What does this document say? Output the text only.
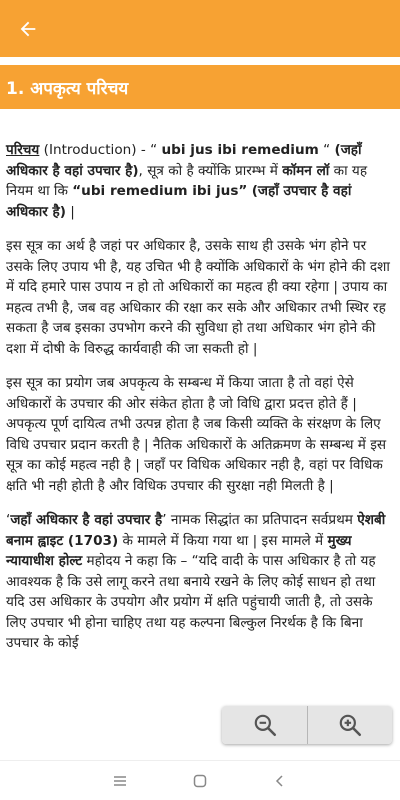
1. अपकृत्य परिचय

परिचय (Introduction) - “ ubi jus ibi remedium “ (जहाँ अधिकार है वहां उपचार है), सूत्र को है क्योंकि प्रारम्भ में कॉमन लॉ का यह नियम था कि “ubi remedium ibi jus” (जहाँ उपचार है वहां अधिकार है) |

इस सूत्र का अर्थ है जहां पर अधिकार है, उसके साथ ही उसके भंग होने पर उसके लिए उपाय भी है, यह उचित भी है क्योंकि अधिकारों के भंग होने की दशा में यदि हमारे पास उपाय न हो तो अधिकारों का महत्व ही क्या रहेगा | उपाय का महत्व तभी है, जब वह अधिकार की रक्षा कर सके और अधिकार तभी स्थिर रह सकता है जब इसका उपभोग करने की सुविधा हो तथा अधिकार भंग होने की दशा में दोषी के विरुद्ध कार्यवाही की जा सकती हो |

इस सूत्र का प्रयोग जब अपकृत्य के सम्बन्ध में किया जाता है तो वहां ऐसे अधिकारों के उपचार की ओर संकेत होता है जो विधि द्वारा प्रदत्त होते हैं | अपकृत्य पूर्ण दायित्व तभी उत्पन्न होता है जब किसी व्यक्ति के संरक्षण के लिए विधि उपचार प्रदान करती है | नैतिक अधिकारों के अतिक्रमण के सम्बन्ध में इस सूत्र का कोई महत्व नही है | जहाँ पर विधिक अधिकार नही है, वहां पर विधिक क्षति भी नही होती है और विधिक उपचार की सुरक्षा नही मिलती है |

‘जहाँ अधिकार है वहां उपचार है’ नामक सिद्धांत का प्रतिपादन सर्वप्रथम ऐशबी बनाम ह्वाइट (1703) के मामले में किया गया था | इस मामले में मुख्य न्यायाधीश होल्ट महोदय ने कहा कि – “यदि वादी के पास अधिकार है तो यह आवश्यक है कि उसे लागू करने तथा बनाये रखने के लिए कोई साधन हो तथा यदि उस अधिकार के उपयोग और प्रयोग में क्षति पहुंचायी जाती है, तो उसके लिए उपचार भी होना चाहिए तथा यह कल्पना बिल्कुल निरर्थक है कि बिना उपचार के कोई
